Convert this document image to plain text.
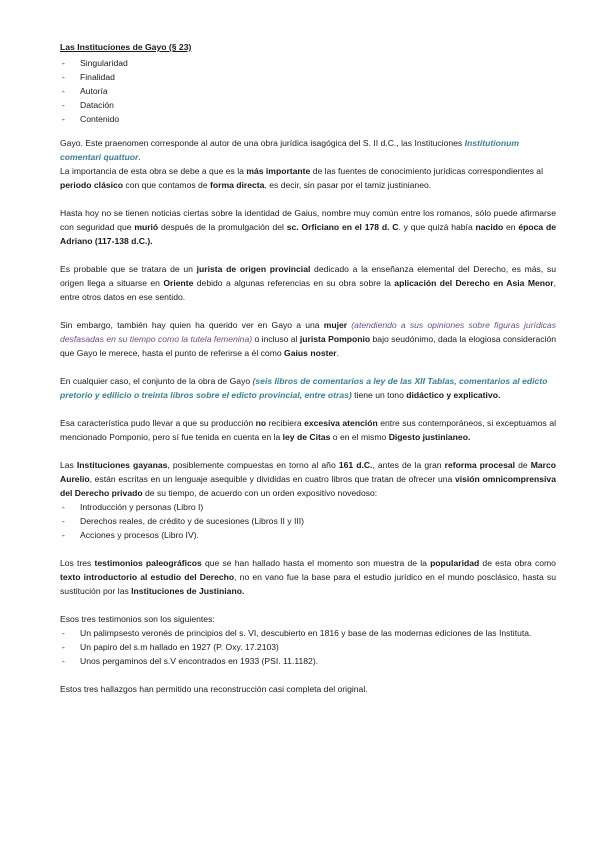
Las Instituciones de Gayo (§ 23)

- Singularidad
- Finalidad
- Autoría
- Datación
- Contenido

Gayo. Este praenomen corresponde al autor de una obra jurídica isagógica del S. II d.C., las Instituciones Institutionum comentari quattuor.

La importancia de esta obra se debe a que es la más importante de las fuentes de conocimiento jurídicas correspondientes al periodo clásico con que contamos de forma directa, es decir, sin pasar por el tamiz justinianeo.

Hasta hoy no se tienen noticias ciertas sobre la identidad de Gaius, nombre muy común entre los romanos, sólo puede afirmarse con seguridad que murió después de la promulgación del sc. Orficiano en el 178 d. C. y que quizá había nacido en época de Adriano (117-138 d.C.).

Es probable que se tratara de un jurista de origen provincial dedicado a la enseñanza elemental del Derecho, es más, su origen llega a situarse en Oriente debido a algunas referencias en su obra sobre la aplicación del Derecho en Asia Menor, entre otros datos en ese sentido.

Sin embargo, también hay quien ha querido ver en Gayo a una mujer (atendiendo a sus opiniones sobre figuras jurídicas desfasadas en su tiempo como la tutela femenina) o incluso al jurista Pomponio bajo seudónimo, dada la elogiosa consideración que Gayo le merece, hasta el punto de referirse a él como Gaius noster.

En cualquier caso, el conjunto de la obra de Gayo (seis libros de comentarios a ley de las XII Tablas, comentarios al edicto pretorio y edilicio o treinta libros sobre el edicto provincial, entre otras) tiene un tono didáctico y explicativo.

Esa característica pudo llevar a que su producción no recibiera excesiva atención entre sus contemporáneos, si exceptuamos al mencionado Pomponio, pero sí fue tenida en cuenta en la ley de Citas o en el mismo Digesto justinianeo.

Las Instituciones gayanas, posiblemente compuestas en torno al año 161 d.C., antes de la gran reforma procesal de Marco Aurelio, están escritas en un lenguaje asequible y divididas en cuatro libros que tratan de ofrecer una visión omnicomprensiva del Derecho privado de su tiempo, de acuerdo con un orden expositivo novedoso:

- Introducción y personas (Libro I)
- Derechos reales, de crédito y de sucesiones (Libros II y III)
- Acciones y procesos (Libro IV).

Los tres testimonios paleográficos que se han hallado hasta el momento son muestra de la popularidad de esta obra como texto introductorio al estudio del Derecho, no en vano fue la base para el estudio jurídico en el mundo posclásico, hasta su sustitución por las Instituciones de Justiniano.

Esos tres testimonios son los siguientes:

- Un palimpsesto veronés de principios del s. VI, descubierto en 1816 y base de las modernas ediciones de las Instituta.
- Un papiro del s.m hallado en 1927 (P. Oxy. 17.2103)
- Unos pergaminos del s.V encontrados en 1933 (PSI. 11.1182).

Estos tres hallazgos han permitido una reconstrucción casi completa del original.
